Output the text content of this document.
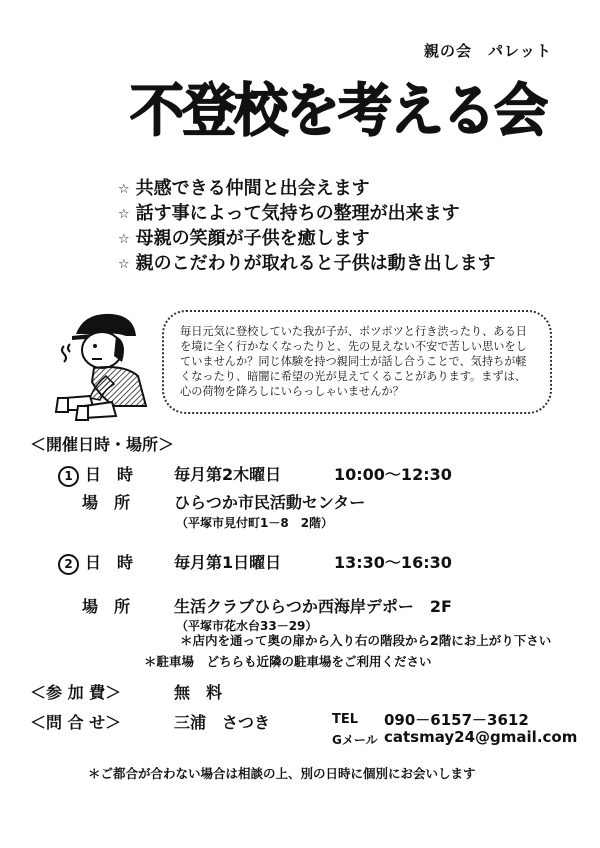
親の会　パレット
不登校を考える会
☆ 共感できる仲間と出会えます
☆ 話す事によって気持ちの整理が出来ます
☆ 母親の笑顔が子供を癒します
☆ 親のこだわりが取れると子供は動き出します
毎日元気に登校していた我が子が、ポツポツと行き渋ったり、ある日を境に全く行かなくなったりと、先の見えない不安で苦しい思いをしていませんか？同じ体験を持つ親同士が話し合うことで、気持ちが軽くなったり、暗闇に希望の光が見えてくることがあります。まずは、心の荷物を降ろしにいらっしゃいませんか？
＜開催日時・場所＞
1 日　時	毎月第2木曜日	10:00～12:30
場　所	ひらつか市民活動センター
（平塚市見付町1－8　2階）
2 日　時	毎月第1日曜日	13:30～16:30
場　所	生活クラブひらつか西海岸デポー　2F
（平塚市花水台33－29）
＊店内を通って奥の扉から入り右の階段から2階にお上がり下さい
＊駐車場　どちらも近隣の駐車場をご利用ください
＜参 加 費＞	無　料
＜問 合 せ＞	三浦　さつき	TEL 090－6157－3612
Gメール catsmay24@gmail.com
＊ご都合が合わない場合は相談の上、別の日時に個別にお会いします
